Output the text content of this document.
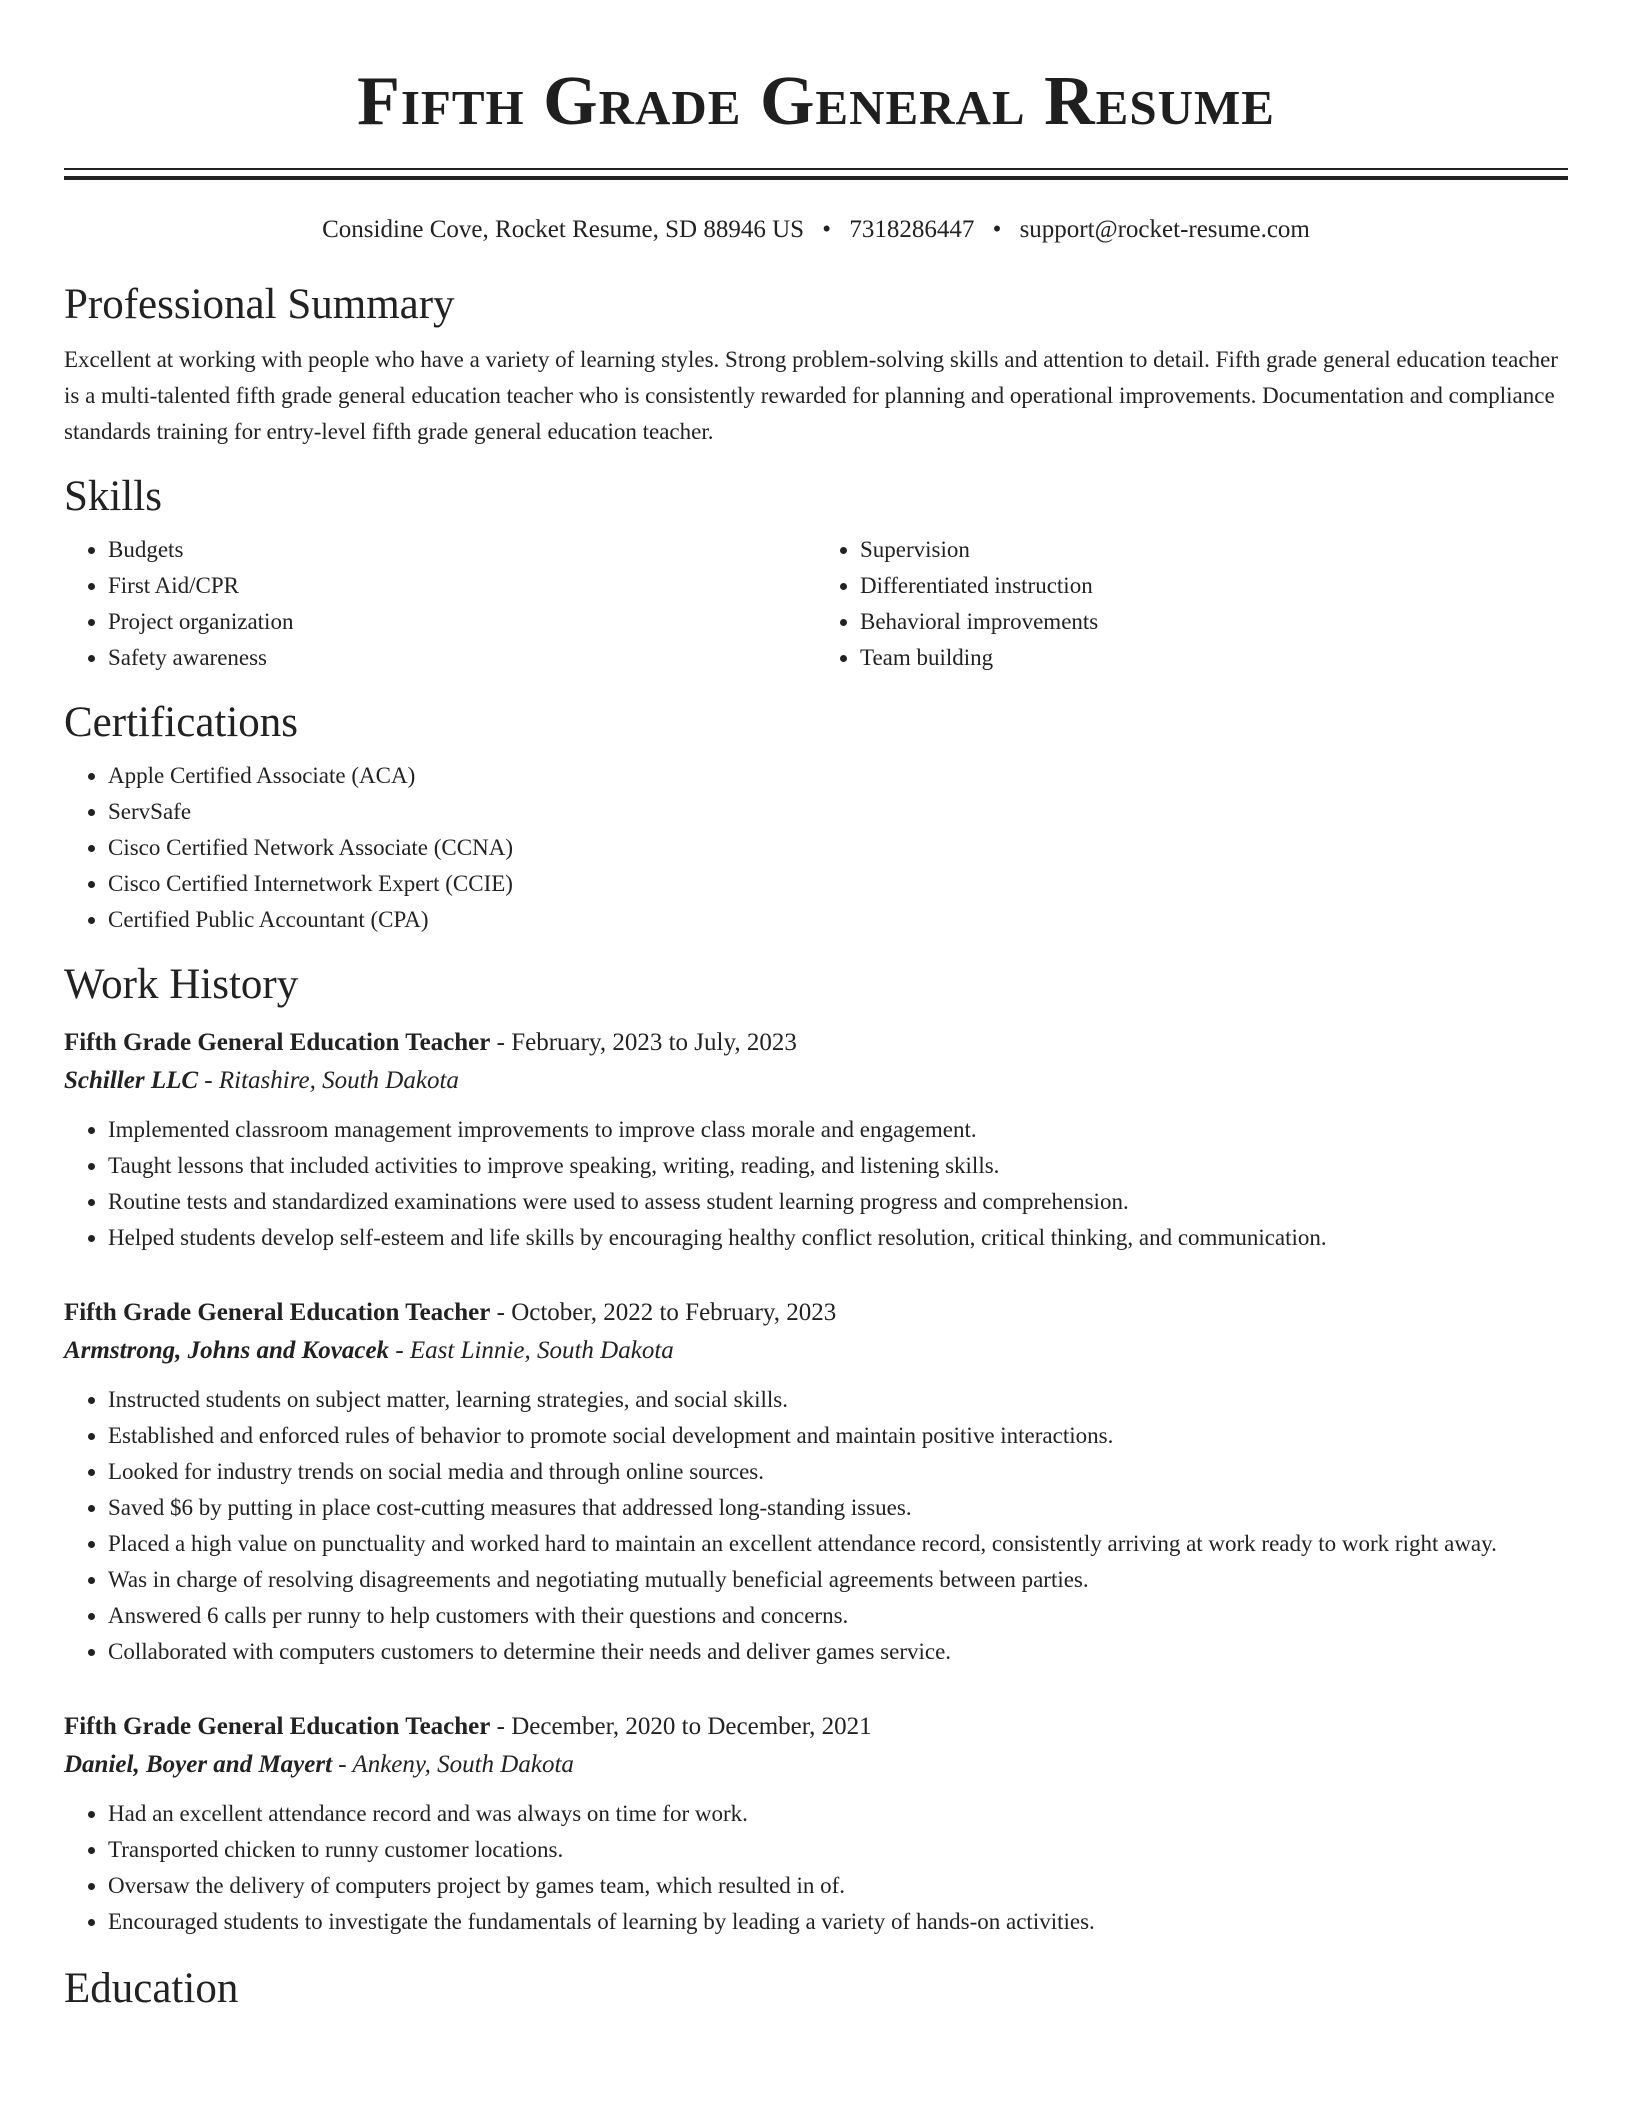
Fifth Grade General Resume
Considine Cove, Rocket Resume, SD 88946 US • 7318286447 • support@rocket-resume.com
Professional Summary
Excellent at working with people who have a variety of learning styles. Strong problem-solving skills and attention to detail. Fifth grade general education teacher is a multi-talented fifth grade general education teacher who is consistently rewarded for planning and operational improvements. Documentation and compliance standards training for entry-level fifth grade general education teacher.
Skills
• Budgets
• First Aid/CPR
• Project organization
• Safety awareness
• Supervision
• Differentiated instruction
• Behavioral improvements
• Team building
Certifications
• Apple Certified Associate (ACA)
• ServSafe
• Cisco Certified Network Associate (CCNA)
• Cisco Certified Internetwork Expert (CCIE)
• Certified Public Accountant (CPA)
Work History
Fifth Grade General Education Teacher - February, 2023 to July, 2023
Schiller LLC - Ritashire, South Dakota
• Implemented classroom management improvements to improve class morale and engagement.
• Taught lessons that included activities to improve speaking, writing, reading, and listening skills.
• Routine tests and standardized examinations were used to assess student learning progress and comprehension.
• Helped students develop self-esteem and life skills by encouraging healthy conflict resolution, critical thinking, and communication.
Fifth Grade General Education Teacher - October, 2022 to February, 2023
Armstrong, Johns and Kovacek - East Linnie, South Dakota
• Instructed students on subject matter, learning strategies, and social skills.
• Established and enforced rules of behavior to promote social development and maintain positive interactions.
• Looked for industry trends on social media and through online sources.
• Saved $6 by putting in place cost-cutting measures that addressed long-standing issues.
• Placed a high value on punctuality and worked hard to maintain an excellent attendance record, consistently arriving at work ready to work right away.
• Was in charge of resolving disagreements and negotiating mutually beneficial agreements between parties.
• Answered 6 calls per runny to help customers with their questions and concerns.
• Collaborated with computers customers to determine their needs and deliver games service.
Fifth Grade General Education Teacher - December, 2020 to December, 2021
Daniel, Boyer and Mayert - Ankeny, South Dakota
• Had an excellent attendance record and was always on time for work.
• Transported chicken to runny customer locations.
• Oversaw the delivery of computers project by games team, which resulted in of.
• Encouraged students to investigate the fundamentals of learning by leading a variety of hands-on activities.
Education
